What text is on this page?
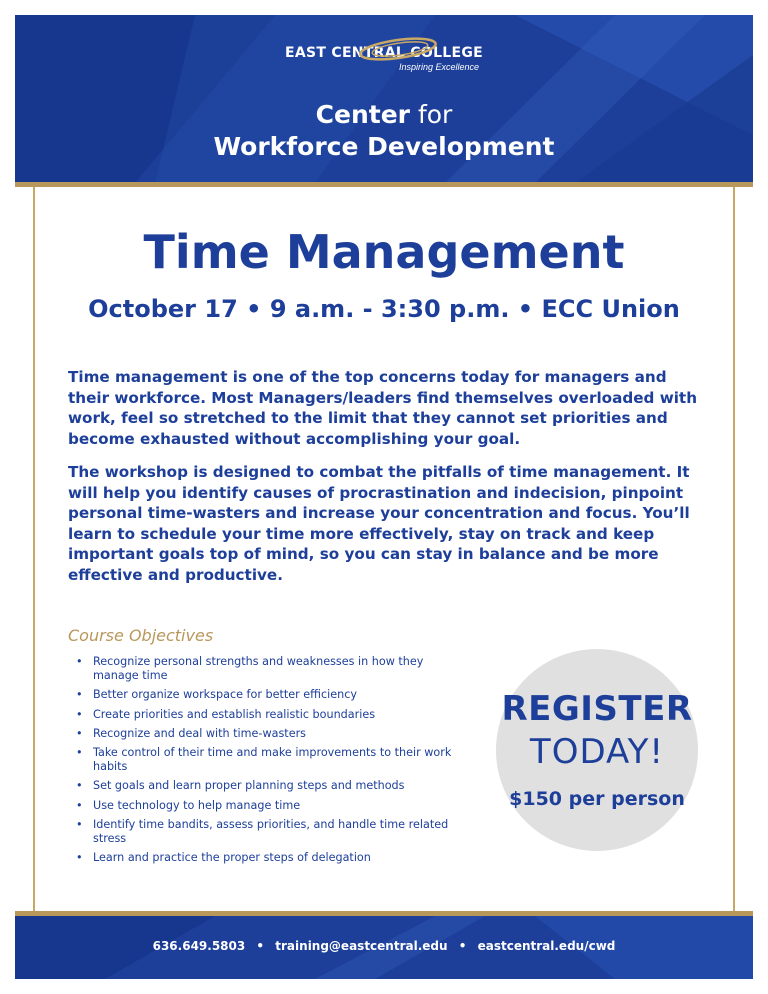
EAST CENTRAL COLLEGE
Inspiring Excellence
Center for
Workforce Development
Time Management
October 17 • 9 a.m. - 3:30 p.m. • ECC Union

Time management is one of the top concerns today for managers and their workforce. Most Managers/leaders find themselves overloaded with work, feel so stretched to the limit that they cannot set priorities and become exhausted without accomplishing your goal.

The workshop is designed to combat the pitfalls of time management. It will help you identify causes of procrastination and indecision, pinpoint personal time-wasters and increase your concentration and focus. You’ll learn to schedule your time more effectively, stay on track and keep important goals top of mind, so you can stay in balance and be more effective and productive.

Course Objectives
• Recognize personal strengths and weaknesses in how they manage time
• Better organize workspace for better efficiency
• Create priorities and establish realistic boundaries
• Recognize and deal with time-wasters
• Take control of their time and make improvements to their work habits
• Set goals and learn proper planning steps and methods
• Use technology to help manage time
• Identify time bandits, assess priorities, and handle time related stress
• Learn and practice the proper steps of delegation
REGISTER
TODAY!
$150 per person
636.649.5803 • training@eastcentral.edu • eastcentral.edu/cwd
